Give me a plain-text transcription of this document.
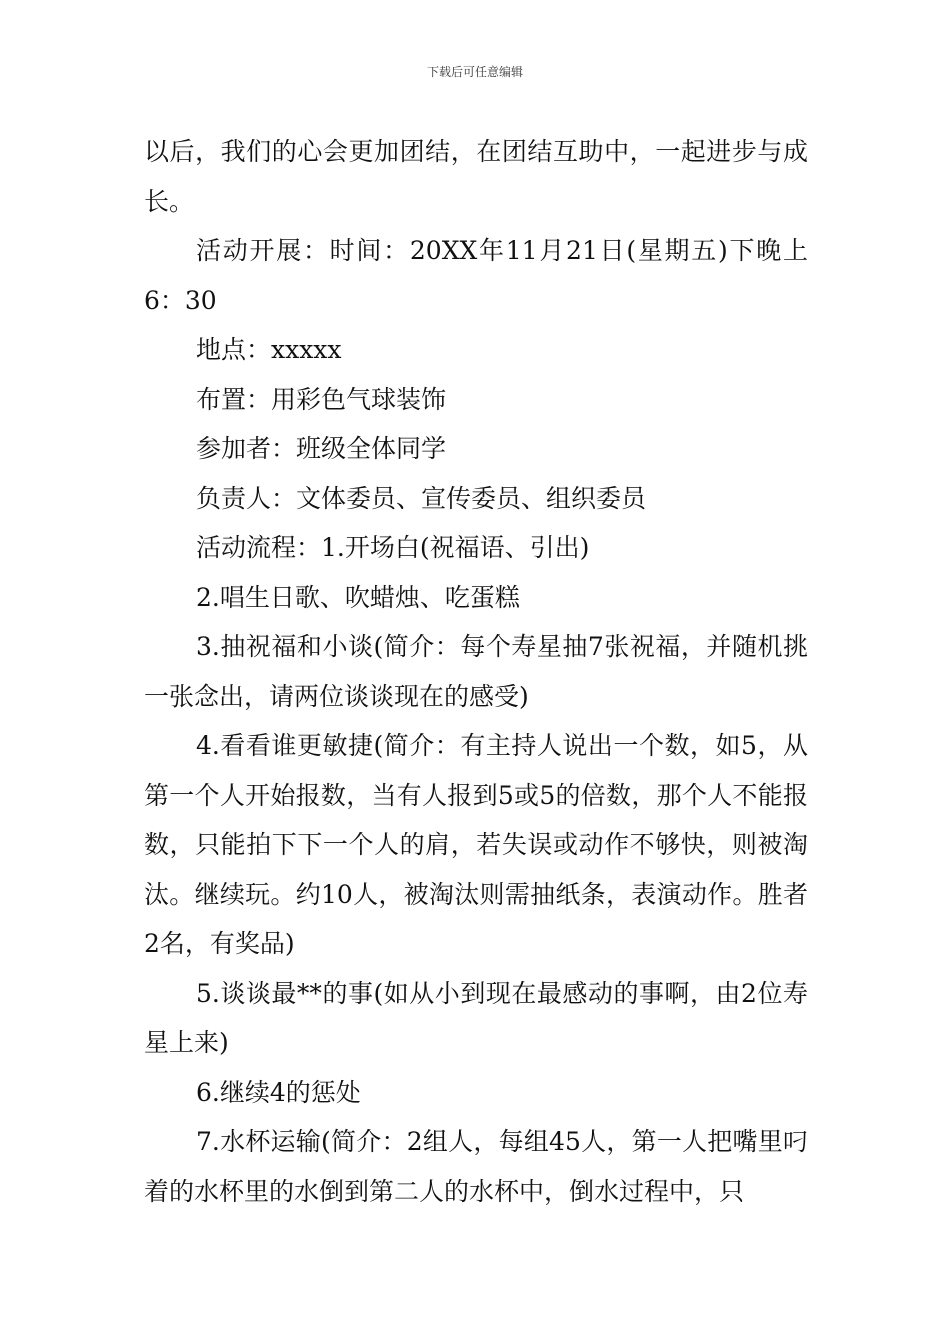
下载后可任意编辑

以后，我们的心会更加团结，在团结互助中，一起进步与成长。

活动开展：时间：20XX年11月21日(星期五)下晚上6：30

地点：xxxxx

布置：用彩色气球装饰

参加者：班级全体同学

负责人：文体委员、宣传委员、组织委员

活动流程：1.开场白(祝福语、引出)

2.唱生日歌、吹蜡烛、吃蛋糕

3.抽祝福和小谈(简介：每个寿星抽7张祝福，并随机挑一张念出，请两位谈谈现在的感受)

4.看看谁更敏捷(简介：有主持人说出一个数，如5，从第一个人开始报数，当有人报到5或5的倍数，那个人不能报数，只能拍下下一个人的肩，若失误或动作不够快，则被淘汰。继续玩。约10人，被淘汰则需抽纸条，表演动作。胜者2名，有奖品)

5.谈谈最**的事(如从小到现在最感动的事啊，由2位寿星上来)

6.继续4的惩处

7.水杯运输(简介：2组人，每组45人，第一人把嘴里叼着的水杯里的水倒到第二人的水杯中，倒水过程中，只
